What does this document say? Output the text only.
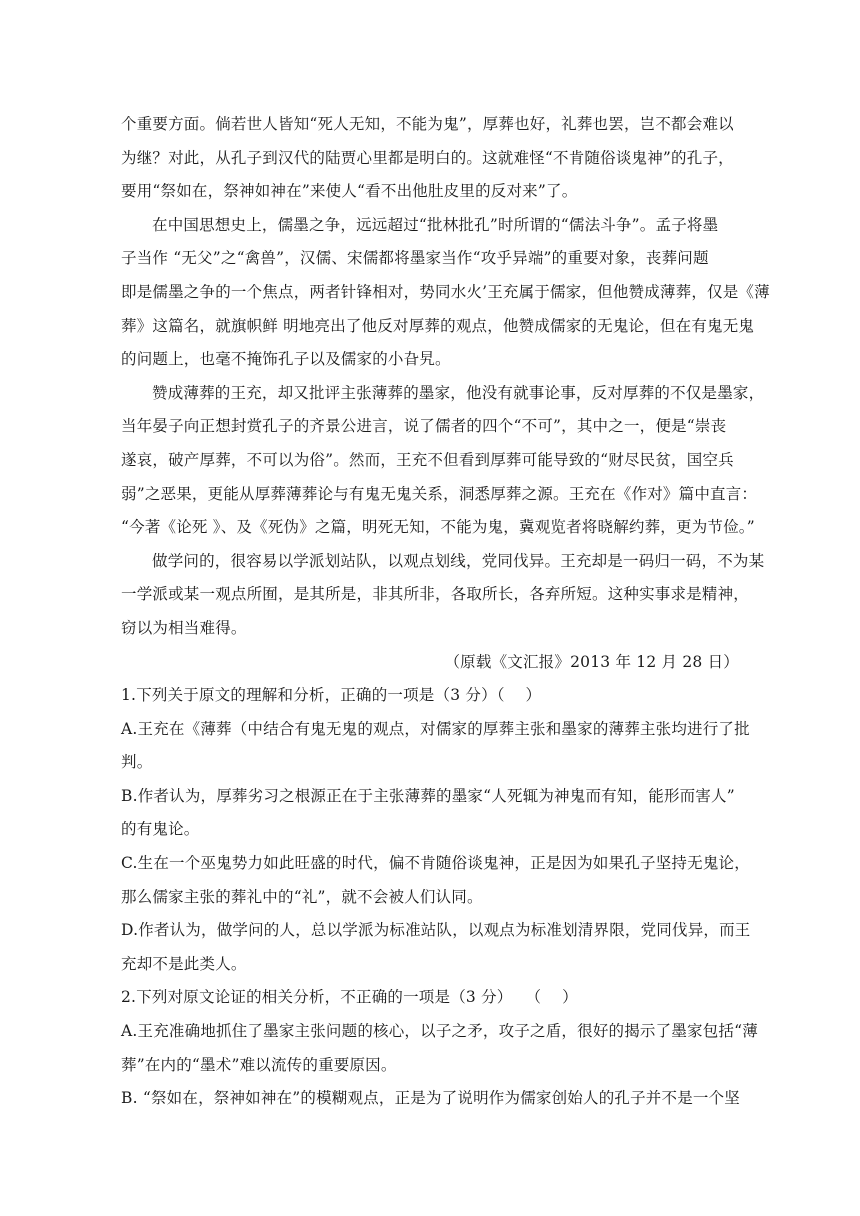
个重要方面。倘若世人皆知“死人无知，不能为鬼”，厚葬也好，礼葬也罢，岂不都会难以
为继？对此，从孔子到汉代的陆贾心里都是明白的。这就难怪“不肯随俗谈鬼神”的孔子，
要用“祭如在，祭神如神在”来使人“看不出他肚皮里的反对来”了。
在中国思想史上，儒墨之争，远远超过“批林批孔”时所谓的“儒法斗争”。孟子将墨
子当作 “无父”之“禽兽”，汉儒、宋儒都将墨家当作“攻乎异端”的重要对象，丧葬问题
即是儒墨之争的一个焦点，两者针锋相对，势同水火’王充属于儒家，但他赞成薄葬，仅是《薄
葬》这篇名，就旗帜鲜 明地亮出了他反对厚葬的观点，他赞成儒家的无鬼论，但在有鬼无鬼
的问题上，也毫不掩饰孔子以及儒家的小旮旯。
赞成薄葬的王充，却又批评主张薄葬的墨家，他没有就事论事，反对厚葬的不仅是墨家，
当年晏子向正想封赏孔子的齐景公进言，说了儒者的四个“不可”，其中之一，便是“崇丧
遂哀，破产厚葬，不可以为俗”。然而，王充不但看到厚葬可能导致的“财尽民贫，国空兵
弱”之恶果，更能从厚葬薄葬论与有鬼无鬼关系，洞悉厚葬之源。王充在《作对》篇中直言：
“今著《论死 》、及《死伪》之篇，明死无知，不能为鬼，冀观览者将晓解约葬，更为节俭。”
做学问的，很容易以学派划站队，以观点划线，党同伐异。王充却是一码归一码，不为某
一学派或某一观点所囿，是其所是，非其所非，各取所长，各弃所短。这种实事求是精神，
窃以为相当难得。
（原载《文汇报》2013 年 12 月 28 日）
1.下列关于原文的理解和分析，正确的一项是（3 分）（　 ）
A.王充在《薄葬（中结合有鬼无鬼的观点，对儒家的厚葬主张和墨家的薄葬主张均进行了批
判。
B.作者认为，厚葬劣习之根源正在于主张薄葬的墨家“人死辄为神鬼而有知，能形而害人”
的有鬼论。
C.生在一个巫鬼势力如此旺盛的时代，偏不肯随俗谈鬼神，正是因为如果孔子坚持无鬼论，
那么儒家主张的葬礼中的“礼”，就不会被人们认同。
D.作者认为，做学问的人，总以学派为标准站队，以观点为标准划清界限，党同伐异，而王
充却不是此类人。
2.下列对原文论证的相关分析，不正确的一项是（3 分）　 （　 ）
A.王充准确地抓住了墨家主张问题的核心，以子之矛，攻子之盾，很好的揭示了墨家包括“薄
葬”在内的“墨术”难以流传的重要原因。
B. “祭如在，祭神如神在”的模糊观点，正是为了说明作为儒家创始人的孔子并不是一个坚
